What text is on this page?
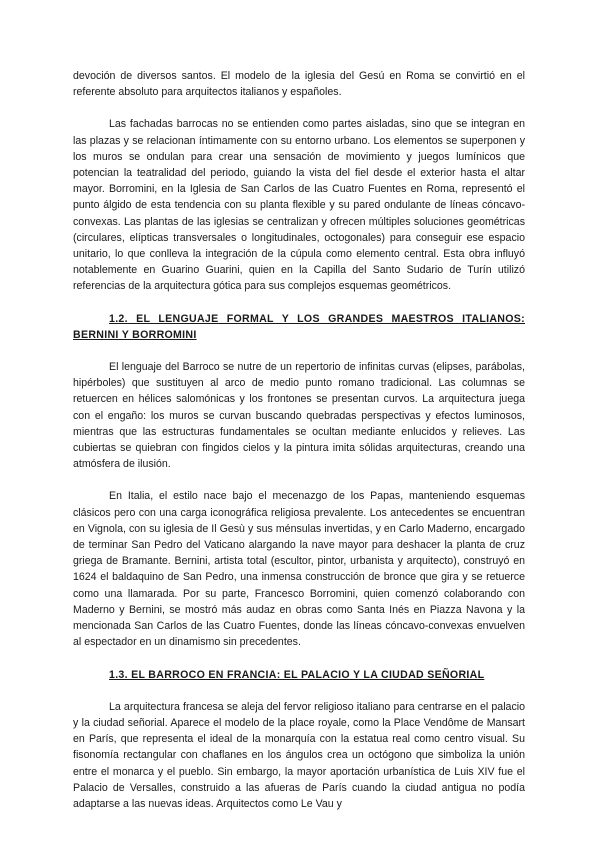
devoción de diversos santos. El modelo de la iglesia del Gesú en Roma se convirtió en el referente absoluto para arquitectos italianos y españoles.

Las fachadas barrocas no se entienden como partes aisladas, sino que se integran en las plazas y se relacionan íntimamente con su entorno urbano. Los elementos se superponen y los muros se ondulan para crear una sensación de movimiento y juegos lumínicos que potencian la teatralidad del periodo, guiando la vista del fiel desde el exterior hasta el altar mayor. Borromini, en la Iglesia de San Carlos de las Cuatro Fuentes en Roma, representó el punto álgido de esta tendencia con su planta flexible y su pared ondulante de líneas cóncavo-convexas. Las plantas de las iglesias se centralizan y ofrecen múltiples soluciones geométricas (circulares, elípticas transversales o longitudinales, octogonales) para conseguir ese espacio unitario, lo que conlleva la integración de la cúpula como elemento central. Esta obra influyó notablemente en Guarino Guarini, quien en la Capilla del Santo Sudario de Turín utilizó referencias de la arquitectura gótica para sus complejos esquemas geométricos.

1.2. EL LENGUAJE FORMAL Y LOS GRANDES MAESTROS ITALIANOS: BERNINI Y BORROMINI

El lenguaje del Barroco se nutre de un repertorio de infinitas curvas (elipses, parábolas, hipérboles) que sustituyen al arco de medio punto romano tradicional. Las columnas se retuercen en hélices salomónicas y los frontones se presentan curvos. La arquitectura juega con el engaño: los muros se curvan buscando quebradas perspectivas y efectos luminosos, mientras que las estructuras fundamentales se ocultan mediante enlucidos y relieves. Las cubiertas se quiebran con fingidos cielos y la pintura imita sólidas arquitecturas, creando una atmósfera de ilusión.

En Italia, el estilo nace bajo el mecenazgo de los Papas, manteniendo esquemas clásicos pero con una carga iconográfica religiosa prevalente. Los antecedentes se encuentran en Vignola, con su iglesia de Il Gesù y sus ménsulas invertidas, y en Carlo Maderno, encargado de terminar San Pedro del Vaticano alargando la nave mayor para deshacer la planta de cruz griega de Bramante. Bernini, artista total (escultor, pintor, urbanista y arquitecto), construyó en 1624 el baldaquino de San Pedro, una inmensa construcción de bronce que gira y se retuerce como una llamarada. Por su parte, Francesco Borromini, quien comenzó colaborando con Maderno y Bernini, se mostró más audaz en obras como Santa Inés en Piazza Navona y la mencionada San Carlos de las Cuatro Fuentes, donde las líneas cóncavo-convexas envuelven al espectador en un dinamismo sin precedentes.

1.3. EL BARROCO EN FRANCIA: EL PALACIO Y LA CIUDAD SEÑORIAL

La arquitectura francesa se aleja del fervor religioso italiano para centrarse en el palacio y la ciudad señorial. Aparece el modelo de la place royale, como la Place Vendôme de Mansart en París, que representa el ideal de la monarquía con la estatua real como centro visual. Su fisonomía rectangular con chaflanes en los ángulos crea un octógono que simboliza la unión entre el monarca y el pueblo. Sin embargo, la mayor aportación urbanística de Luis XIV fue el Palacio de Versalles, construido a las afueras de París cuando la ciudad antigua no podía adaptarse a las nuevas ideas. Arquitectos como Le Vau y
